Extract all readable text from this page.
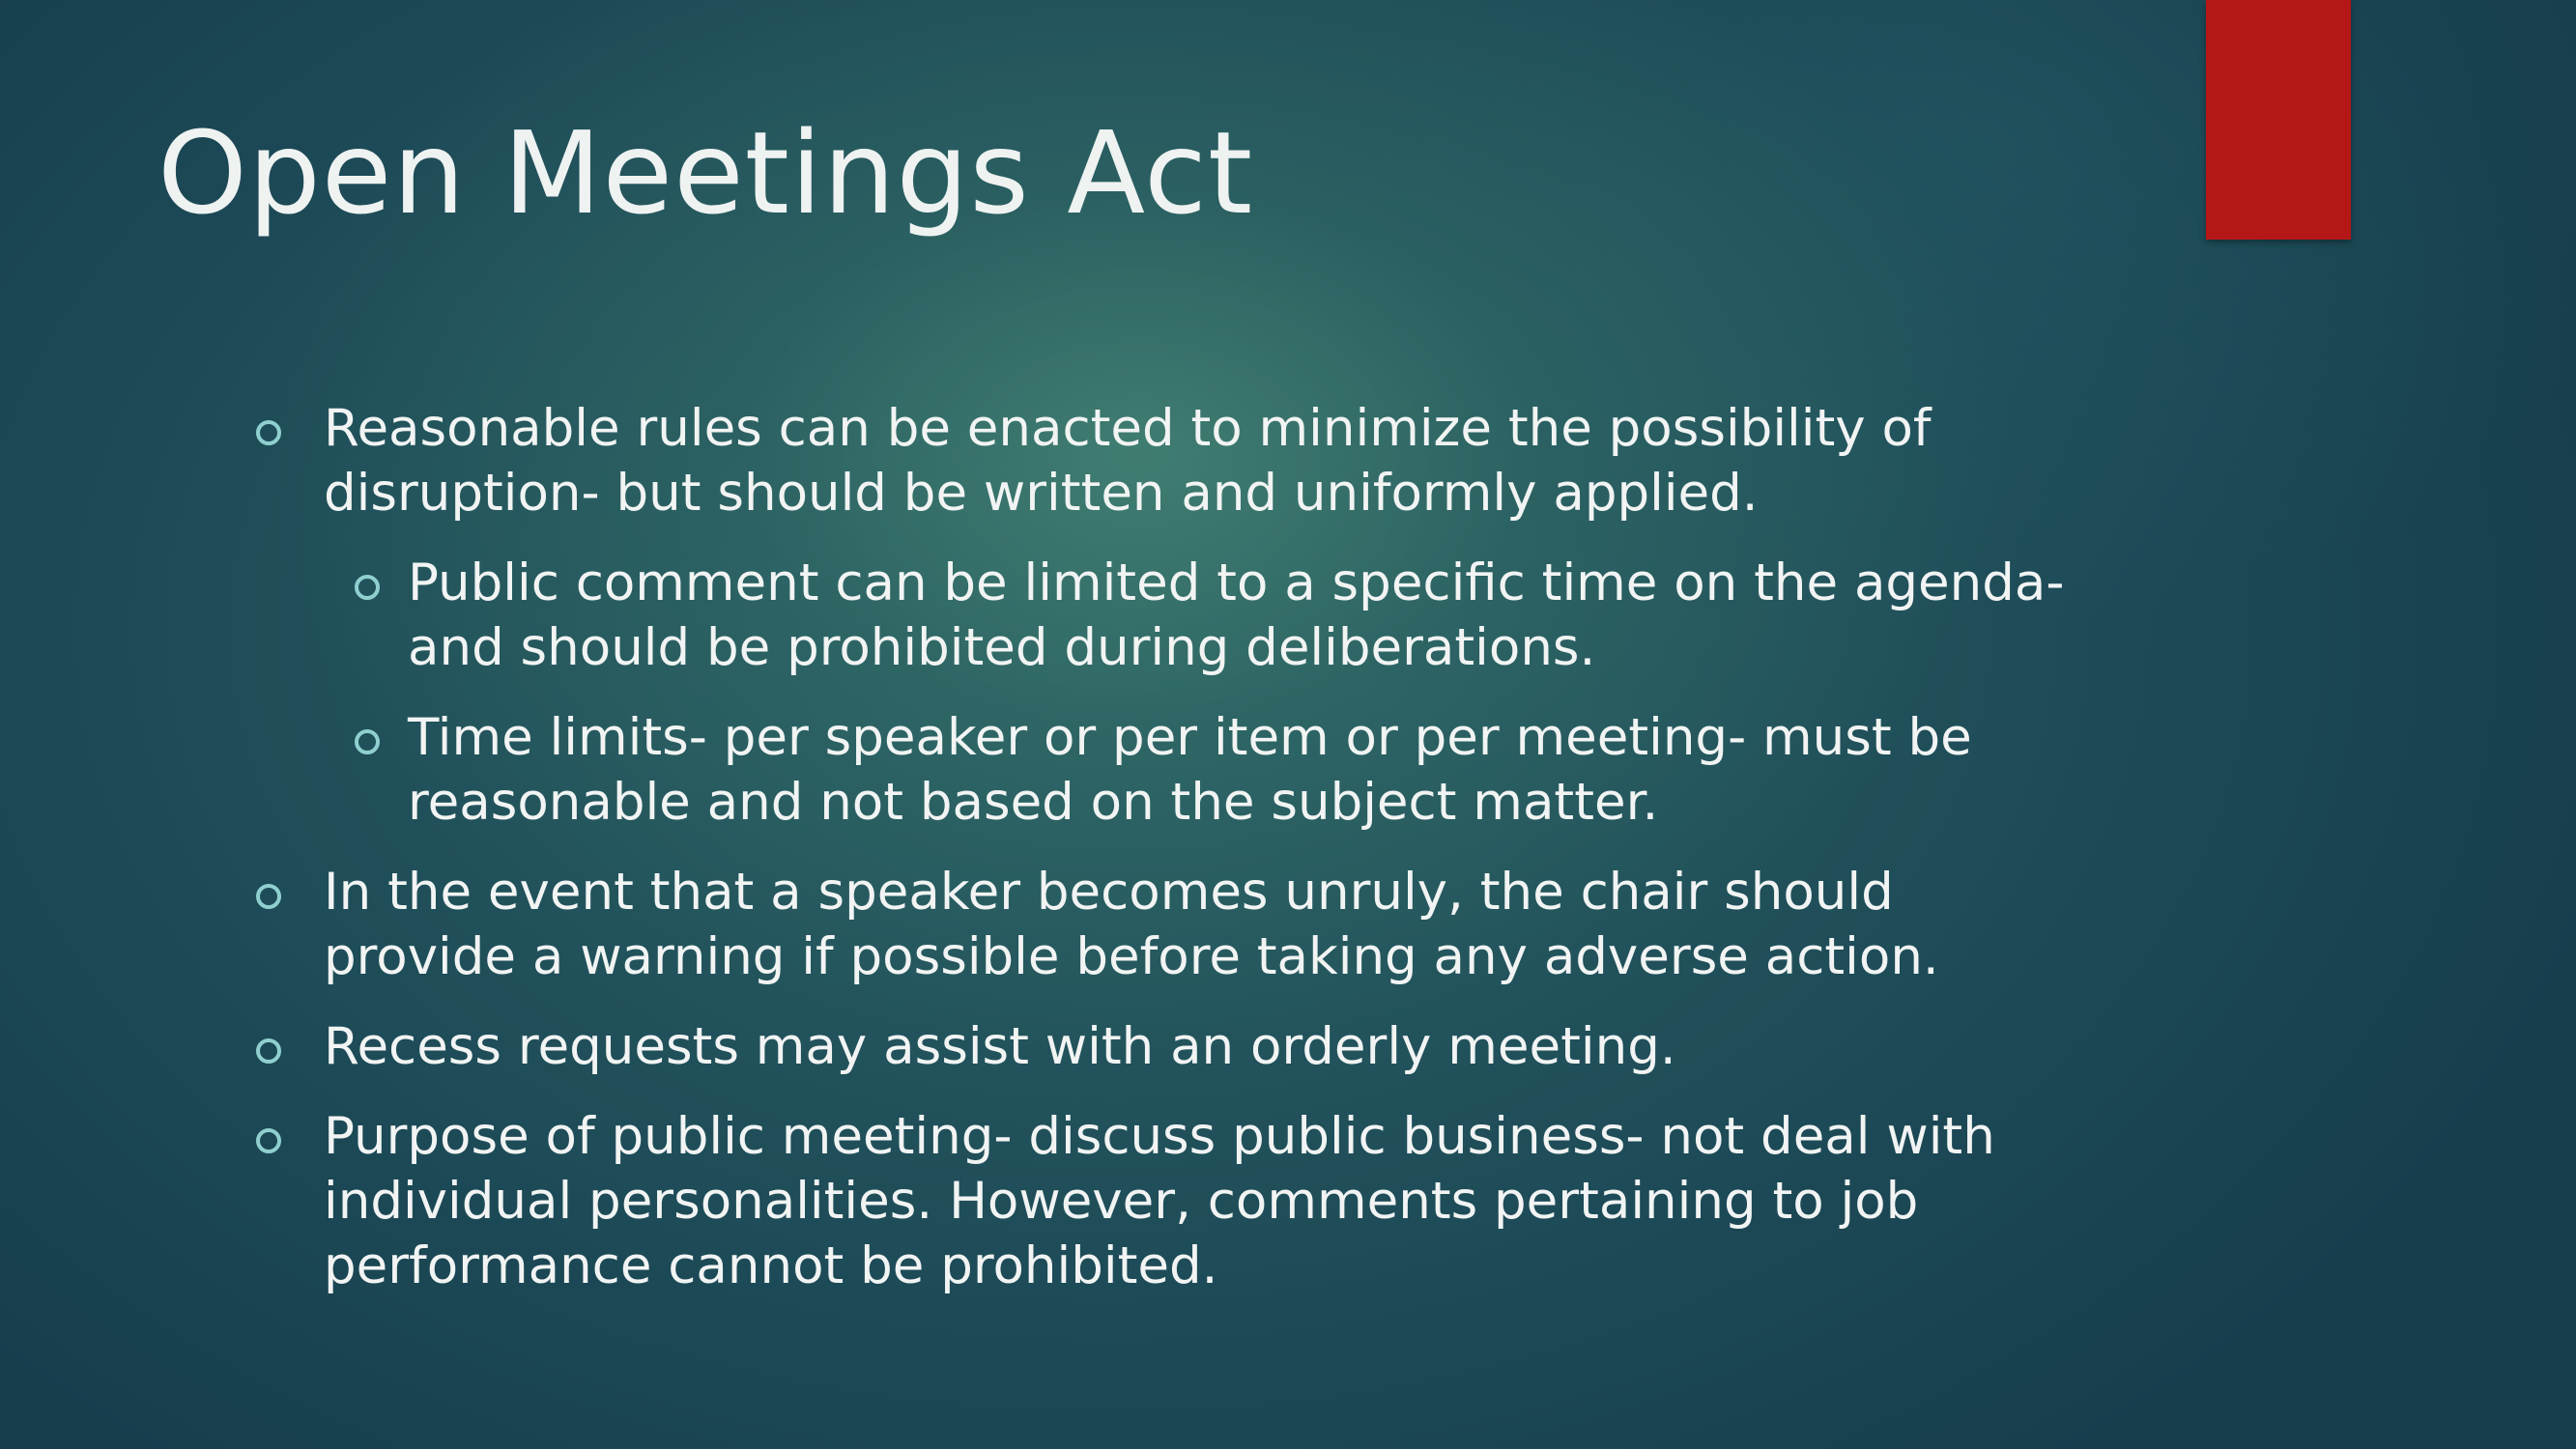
Open Meetings Act
Reasonable rules can be enacted to minimize the possibility of disruption- but should be written and uniformly applied.
Public comment can be limited to a specific time on the agenda- and should be prohibited during deliberations.
Time limits- per speaker or per item or per meeting- must be reasonable and not based on the subject matter.
In the event that a speaker becomes unruly, the chair should provide a warning if possible before taking any adverse action.
Recess requests may assist with an orderly meeting.
Purpose of public meeting- discuss public business- not deal with individual personalities. However, comments pertaining to job performance cannot be prohibited.
